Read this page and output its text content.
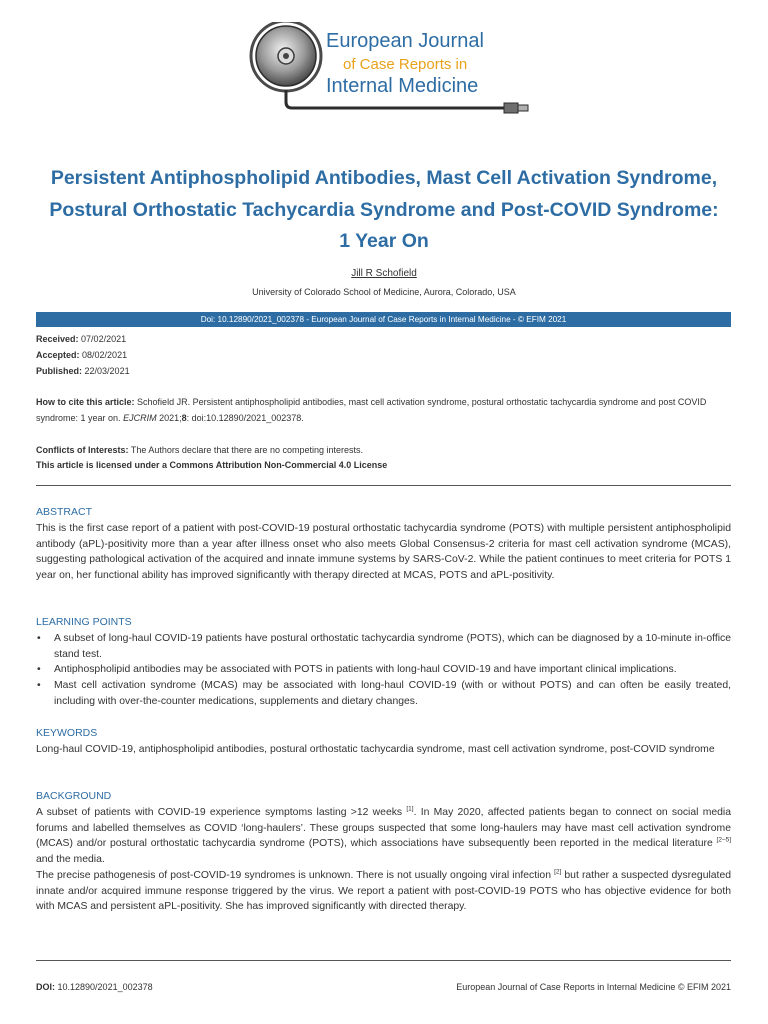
European Journal
of Case Reports in
Internal Medicine
Persistent Antiphospholipid Antibodies, Mast Cell Activation Syndrome,
Postural Orthostatic Tachycardia Syndrome and Post-COVID Syndrome:
1 Year On
Jill R Schofield
University of Colorado School of Medicine, Aurora, Colorado, USA
Doi: 10.12890/2021_002378 - European Journal of Case Reports in Internal Medicine - © EFIM 2021
Received: 07/02/2021
Accepted: 08/02/2021
Published: 22/03/2021
How to cite this article: Schofield JR. Persistent antiphospholipid antibodies, mast cell activation syndrome, postural orthostatic tachycardia syndrome and post COVID syndrome: 1 year on. EJCRIM 2021;8: doi:10.12890/2021_002378.
Conflicts of Interests: The Authors declare that there are no competing interests.
This article is licensed under a Commons Attribution Non-Commercial 4.0 License
ABSTRACT
This is the first case report of a patient with post-COVID-19 postural orthostatic tachycardia syndrome (POTS) with multiple persistent antiphospholipid antibody (aPL)-positivity more than a year after illness onset who also meets Global Consensus-2 criteria for mast cell activation syndrome (MCAS), suggesting pathological activation of the acquired and innate immune systems by SARS-CoV-2. While the patient continues to meet criteria for POTS 1 year on, her functional ability has improved significantly with therapy directed at MCAS, POTS and aPL-positivity.
LEARNING POINTS
• A subset of long-haul COVID-19 patients have postural orthostatic tachycardia syndrome (POTS), which can be diagnosed by a 10-minute in-office stand test.
• Antiphospholipid antibodies may be associated with POTS in patients with long-haul COVID-19 and have important clinical implications.
• Mast cell activation syndrome (MCAS) may be associated with long-haul COVID-19 (with or without POTS) and can often be easily treated, including with over-the-counter medications, supplements and dietary changes.
KEYWORDS
Long-haul COVID-19, antiphospholipid antibodies, postural orthostatic tachycardia syndrome, mast cell activation syndrome, post-COVID syndrome
BACKGROUND
A subset of patients with COVID-19 experience symptoms lasting >12 weeks [1]. In May 2020, affected patients began to connect on social media forums and labelled themselves as COVID ‘long-haulers’. These groups suspected that some long-haulers may have mast cell activation syndrome (MCAS) and/or postural orthostatic tachycardia syndrome (POTS), which associations have subsequently been reported in the medical literature [2–5] and the media.
The precise pathogenesis of post-COVID-19 syndromes is unknown. There is not usually ongoing viral infection [2] but rather a suspected dysregulated innate and/or acquired immune response triggered by the virus. We report a patient with post-COVID-19 POTS who has objective evidence for both with MCAS and persistent aPL-positivity. She has improved significantly with directed therapy.
DOI: 10.12890/2021_002378	European Journal of Case Reports in Internal Medicine © EFIM 2021
